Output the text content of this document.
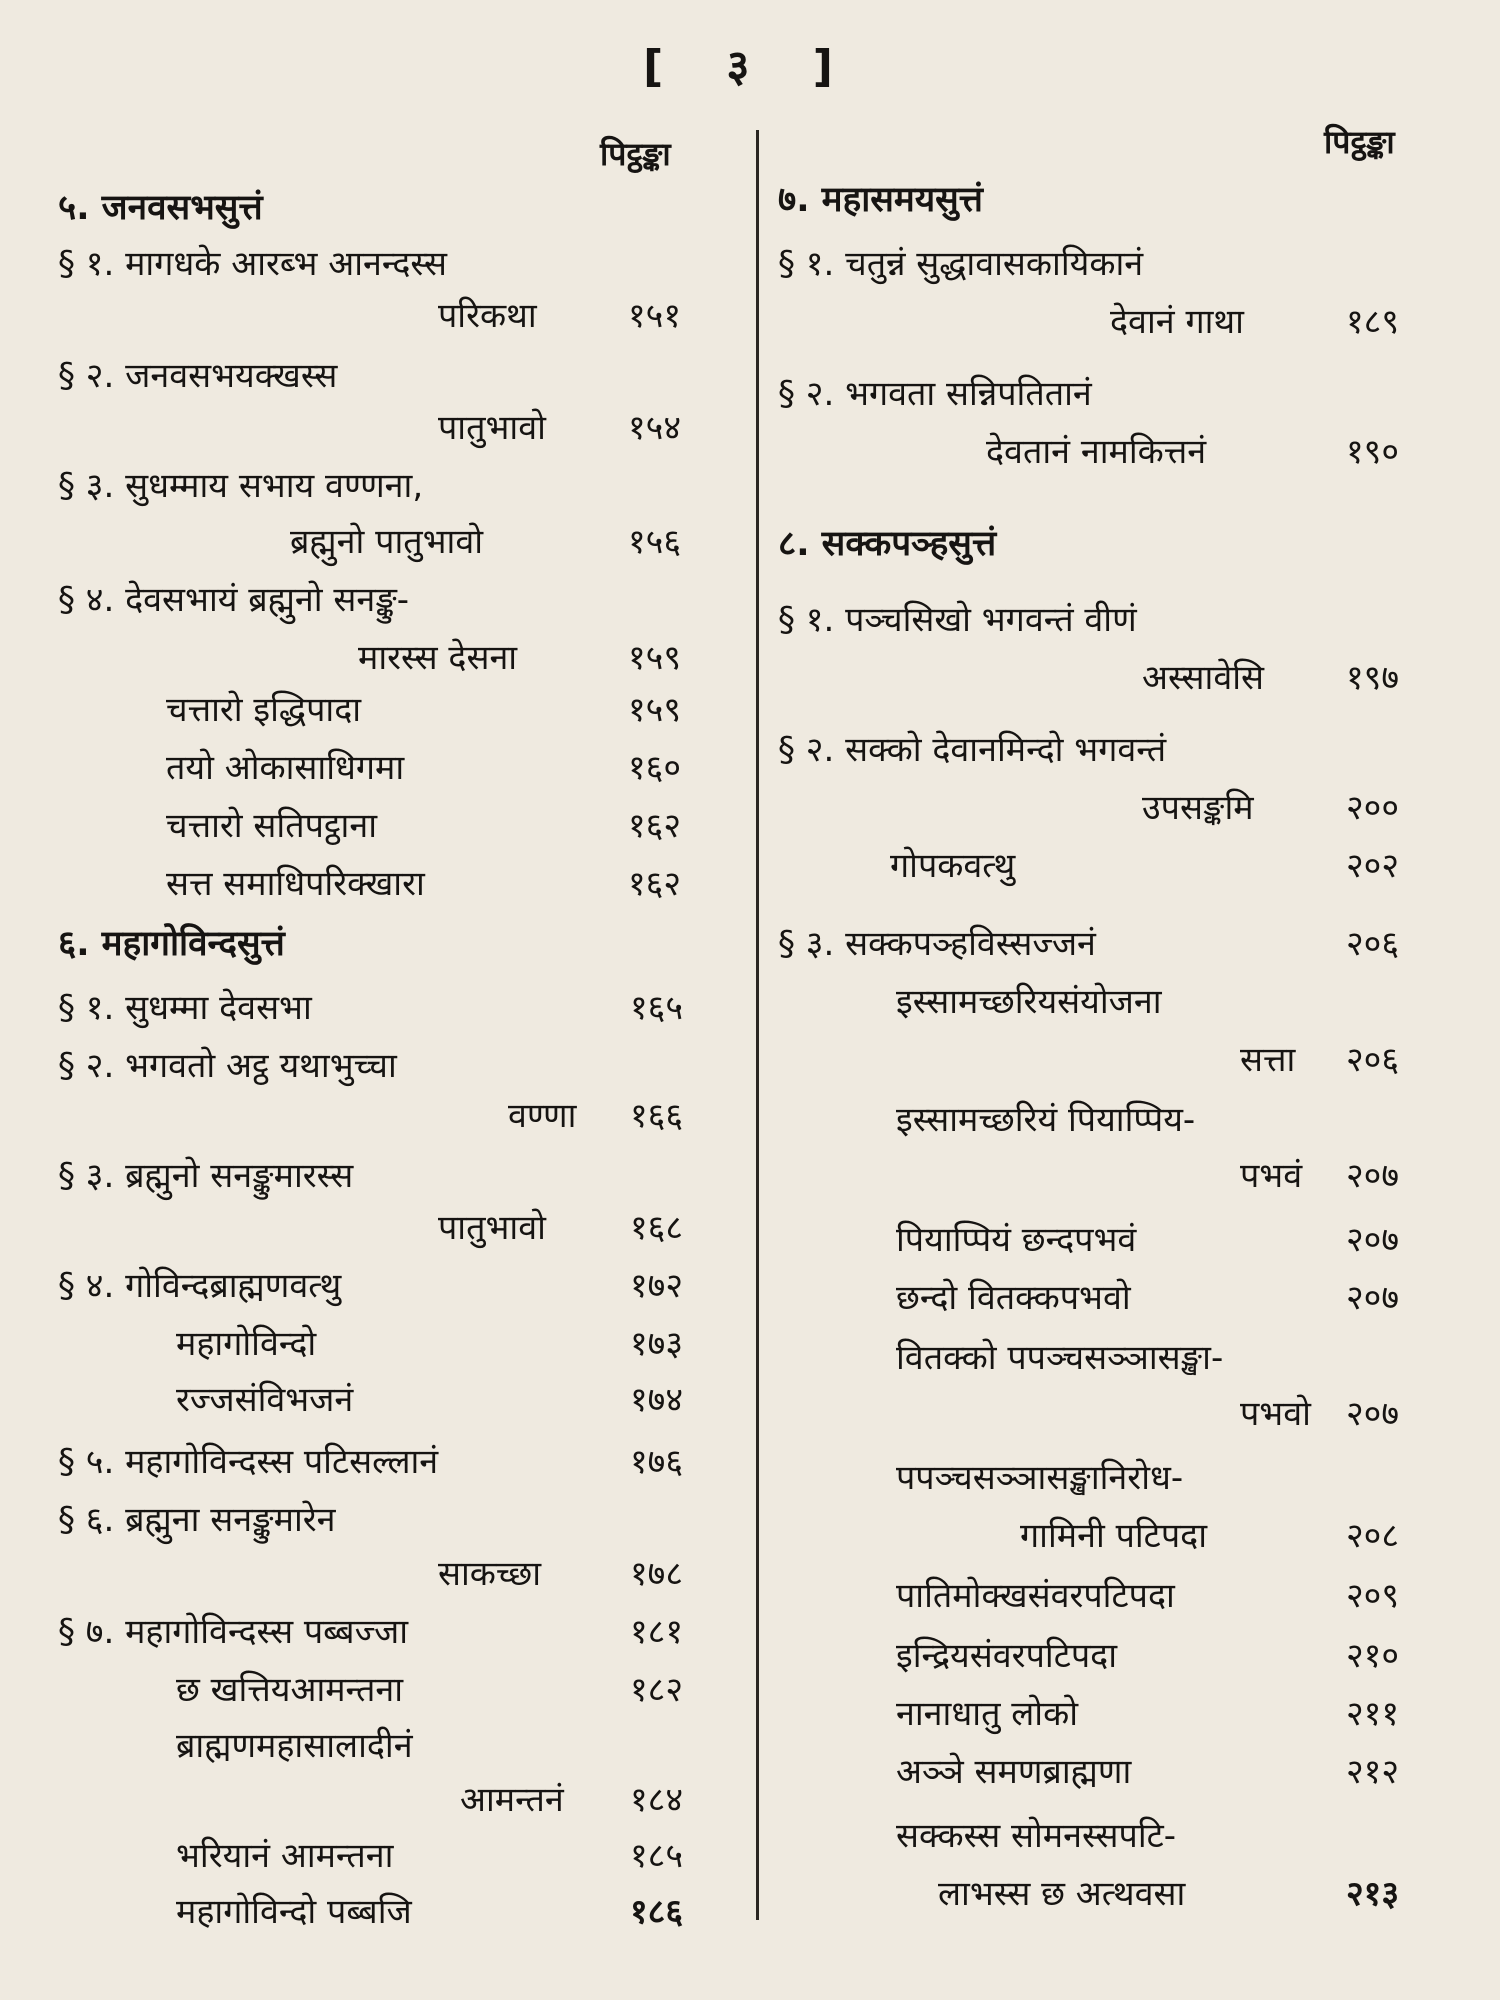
[ ३ ]
पिट्ठङ्का
५. जनवसभसुत्तं
§ १. मागधके आरब्भ आनन्दस्स
परिकथा	१५१
§ २. जनवसभयक्खस्स
पातुभावो १५४
§ ३. सुधम्माय सभाय वण्णना,
ब्रह्मुनो पातुभावो	१५६
§ ४. देवसभायं ब्रह्मुनो सनङ्कु-
मारस्स देसना	१५९
चत्तारो इद्धिपादा	१५९
तयो ओकासाधिगमा	१६०
चत्तारो सतिपट्ठाना	१६२
सत्त समाधिपरिक्खारा	१६२
६. महागोविन्दसुत्तं
§ १. सुधम्मा देवसभा	१६५
§ २. भगवतो अट्ठ यथाभुच्चा
वण्णा १६६
§ ३. ब्रह्मुनो सनङ्कुमारस्स
पातुभावो १६८
§ ४. गोविन्दब्राह्मणवत्थु	१७२
महागोविन्दो	१७३
रज्जसंविभजनं	१७४
§ ५. महागोविन्दस्स पटिसल्लानं	१७६
§ ६. ब्रह्मुना सनङ्कुमारेन
साकच्छा	१७८
§ ७. महागोविन्दस्स पब्बज्जा	१८१
छ खत्तियआमन्तना	१८२
ब्राह्मणमहासालादीनं
आमन्तनं १८४
भरियानं आमन्तना	१८५
महागोविन्दो पब्बजि	१८६
पिट्ठङ्का
७. महासमयसुत्तं
§ १. चतुन्नं सुद्धावासकायिकानं
देवानं गाथा	१८९
§ २. भगवता सन्निपतितानं
देवतानं नामकित्तनं	१९०
८. सक्कपञ्हसुत्तं
§ १. पञ्चसिखो भगवन्तं वीणं
अस्सावेसि १९७
§ २. सक्को देवानमिन्दो भगवन्तं
उपसङ्कमि	२००
गोपकवत्थु	२०२
§ ३. सक्कपञ्हविस्सज्जनं	२०६
इस्सामच्छरियसंयोजना
सत्ता २०६
इस्सामच्छरियं पियाप्पिय-
पभवं २०७
पियाप्पियं छन्दपभवं	२०७
छन्दो वितक्कपभवो	२०७
वितक्को पपञ्चसञ्ञासङ्खा-
पभवो २०७
पपञ्चसञ्ञासङ्खानिरोध-
गामिनी पटिपदा	२०८
पातिमोक्खसंवरपटिपदा	२०९
इन्द्रियसंवरपटिपदा	२१०
नानाधातु लोको	२११
अञ्ञे समणब्राह्मणा	२१२
सक्कस्स सोमनस्सपटि-
लाभस्स छ अत्थवसा	२१३
